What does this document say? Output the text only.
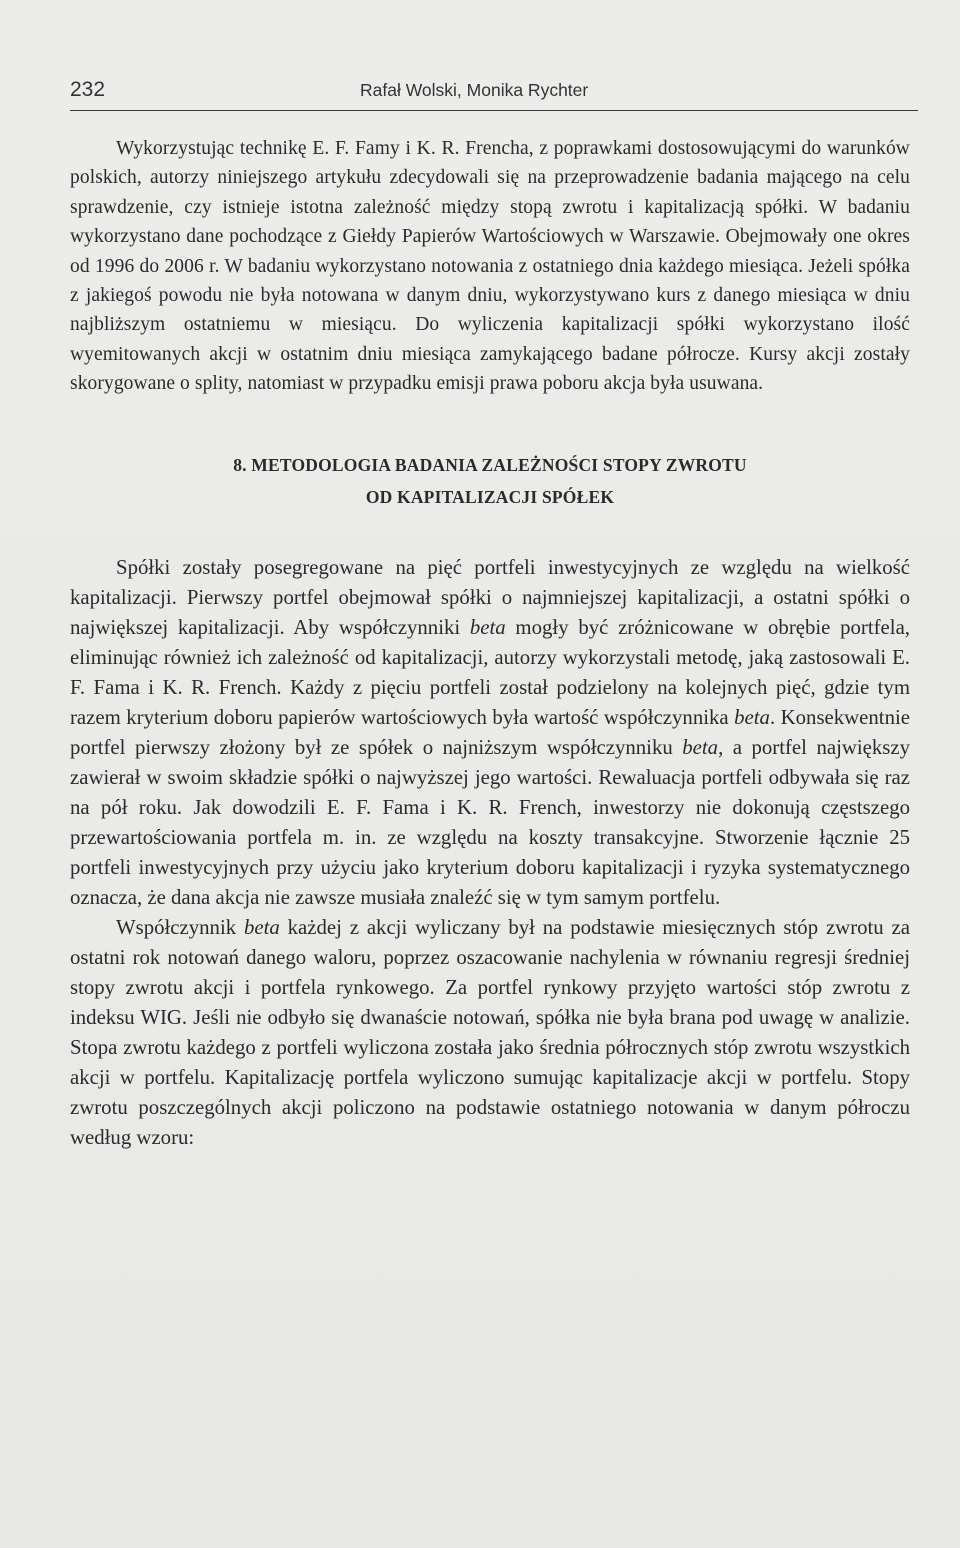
232	Rafał Wolski, Monika Rychter

Wykorzystując technikę E. F. Famy i K. R. Frencha, z poprawkami dostosowującymi do warunków polskich, autorzy niniejszego artykułu zdecydowali się na przeprowadzenie badania mającego na celu sprawdzenie, czy istnieje istotna zależność między stopą zwrotu i kapitalizacją spółki. W badaniu wykorzystano dane pochodzące z Giełdy Papierów Wartościowych w Warszawie. Obejmowały one okres od 1996 do 2006 r. W badaniu wykorzystano notowania z ostatniego dnia każdego miesiąca. Jeżeli spółka z jakiegoś powodu nie była notowana w danym dniu, wykorzystywano kurs z danego miesiąca w dniu najbliższym ostatniemu w miesiącu. Do wyliczenia kapitalizacji spółki wykorzystano ilość wyemitowanych akcji w ostatnim dniu miesiąca zamykającego badane półrocze. Kursy akcji zostały skorygowane o splity, natomiast w przypadku emisji prawa poboru akcja była usuwana.

8. METODOLOGIA BADANIA ZALEŻNOŚCI STOPY ZWROTU
OD KAPITALIZACJI SPÓŁEK

Spółki zostały posegregowane na pięć portfeli inwestycyjnych ze względu na wielkość kapitalizacji. Pierwszy portfel obejmował spółki o najmniejszej kapitalizacji, a ostatni spółki o największej kapitalizacji. Aby współczynniki beta mogły być zróżnicowane w obrębie portfela, eliminując również ich zależność od kapitalizacji, autorzy wykorzystali metodę, jaką zastosowali E. F. Fama i K. R. French. Każdy z pięciu portfeli został podzielony na kolejnych pięć, gdzie tym razem kryterium doboru papierów wartościowych była wartość współczynnika beta. Konsekwentnie portfel pierwszy złożony był ze spółek o najniższym współczynniku beta, a portfel największy zawierał w swoim składzie spółki o najwyższej jego wartości. Rewaluacja portfeli odbywała się raz na pół roku. Jak dowodzili E. F. Fama i K. R. French, inwestorzy nie dokonują częstszego przewartościowania portfela m. in. ze względu na koszty transakcyjne. Stworzenie łącznie 25 portfeli inwestycyjnych przy użyciu jako kryterium doboru kapitalizacji i ryzyka systematycznego oznacza, że dana akcja nie zawsze musiała znaleźć się w tym samym portfelu.

Współczynnik beta każdej z akcji wyliczany był na podstawie miesięcznych stóp zwrotu za ostatni rok notowań danego waloru, poprzez oszacowanie nachylenia w równaniu regresji średniej stopy zwrotu akcji i portfela rynkowego. Za portfel rynkowy przyjęto wartości stóp zwrotu z indeksu WIG. Jeśli nie odbyło się dwanaście notowań, spółka nie była brana pod uwagę w analizie. Stopa zwrotu każdego z portfeli wyliczona została jako średnia półrocznych stóp zwrotu wszystkich akcji w portfelu. Kapitalizację portfela wyliczono sumując kapitalizacje akcji w portfelu. Stopy zwrotu poszczególnych akcji policzono na podstawie ostatniego notowania w danym półroczu według wzoru:
